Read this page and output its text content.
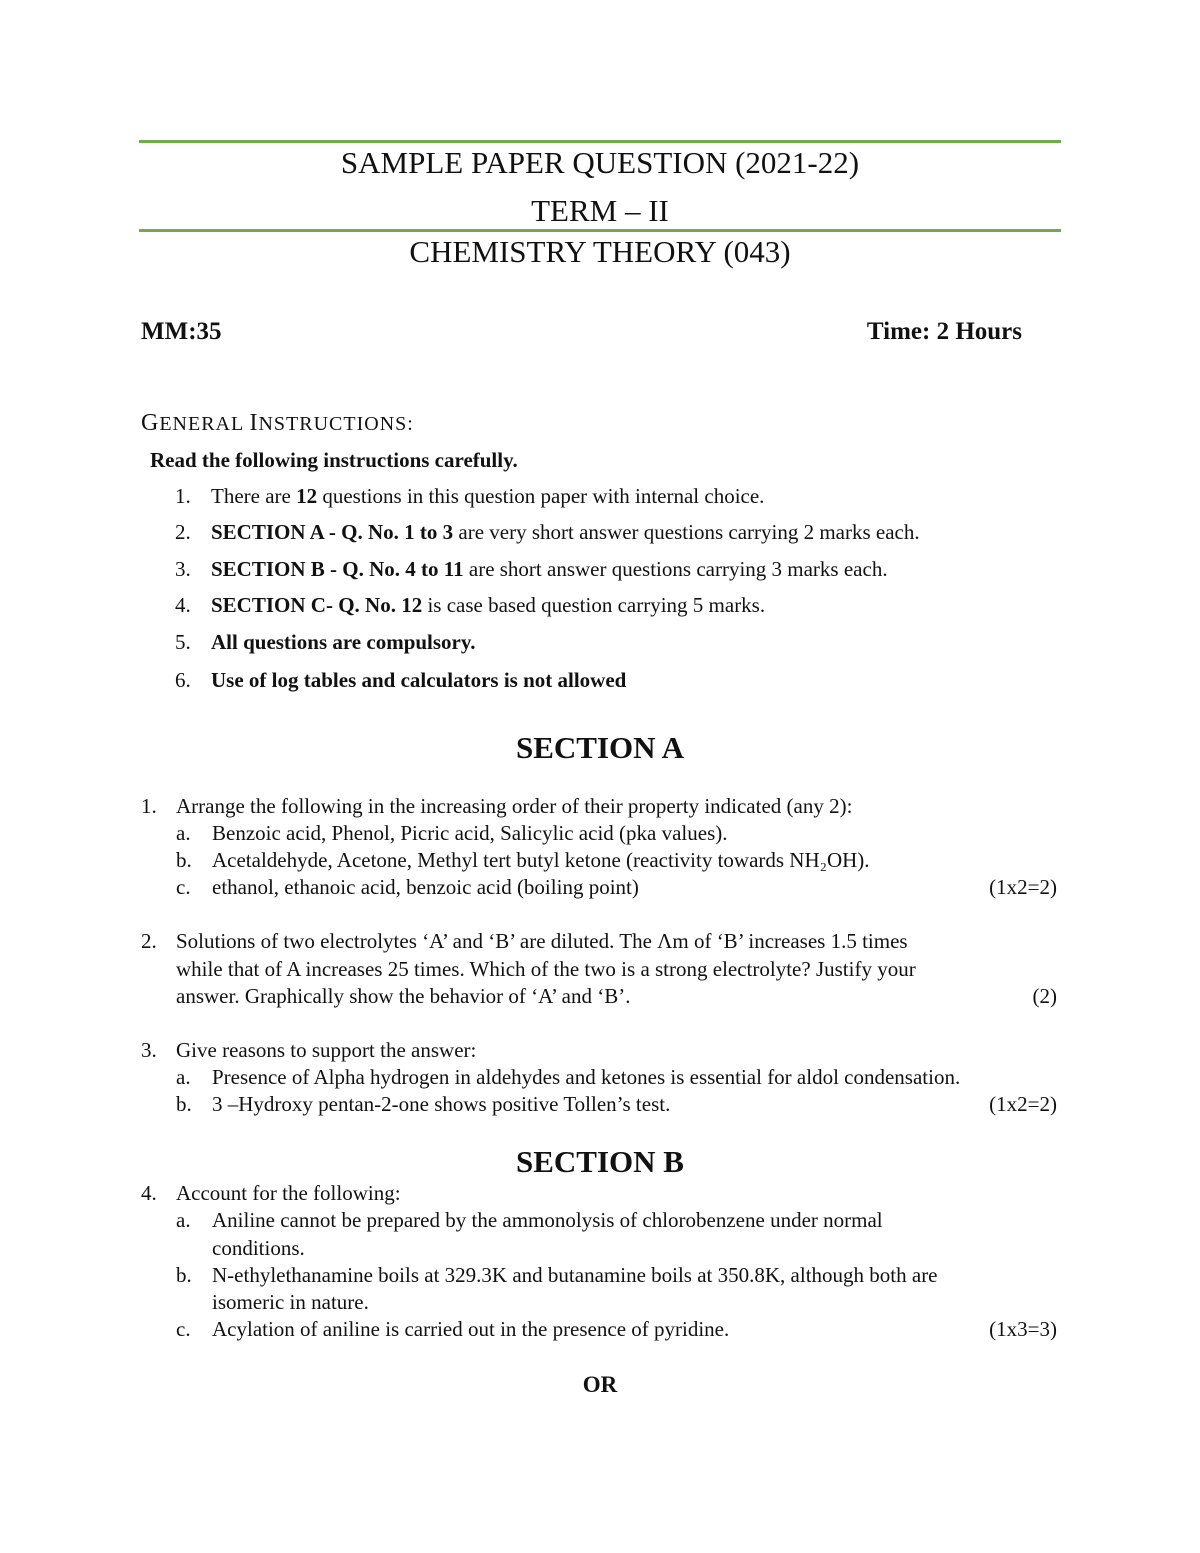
SAMPLE PAPER QUESTION (2021-22)
TERM – II
CHEMISTRY THEORY (043)
MM:35	Time: 2 Hours
GENERAL INSTRUCTIONS:
Read the following instructions carefully.
1. There are 12 questions in this question paper with internal choice.
2. SECTION A - Q. No. 1 to 3 are very short answer questions carrying 2 marks each.
3. SECTION B - Q. No. 4 to 11 are short answer questions carrying 3 marks each.
4. SECTION C- Q. No. 12 is case based question carrying 5 marks.
5. All questions are compulsory.
6. Use of log tables and calculators is not allowed
SECTION A
1. Arrange the following in the increasing order of their property indicated (any 2):
a. Benzoic acid, Phenol, Picric acid, Salicylic acid (pka values).
b. Acetaldehyde, Acetone, Methyl tert butyl ketone (reactivity towards NH₂OH).
c. ethanol, ethanoic acid, benzoic acid (boiling point)	(1x2=2)
2. Solutions of two electrolytes ‘A’ and ‘B’ are diluted. The Λm of ‘B’ increases 1.5 times
while that of A increases 25 times. Which of the two is a strong electrolyte? Justify your
answer. Graphically show the behavior of ‘A’ and ‘B’.	(2)
3. Give reasons to support the answer:
a. Presence of Alpha hydrogen in aldehydes and ketones is essential for aldol condensation.
b. 3 –Hydroxy pentan-2-one shows positive Tollen’s test.	(1x2=2)
SECTION B
4. Account for the following:
a. Aniline cannot be prepared by the ammonolysis of chlorobenzene under normal
conditions.
b. N-ethylethanamine boils at 329.3K and butanamine boils at 350.8K, although both are
isomeric in nature.
c. Acylation of aniline is carried out in the presence of pyridine.	(1x3=3)
OR
